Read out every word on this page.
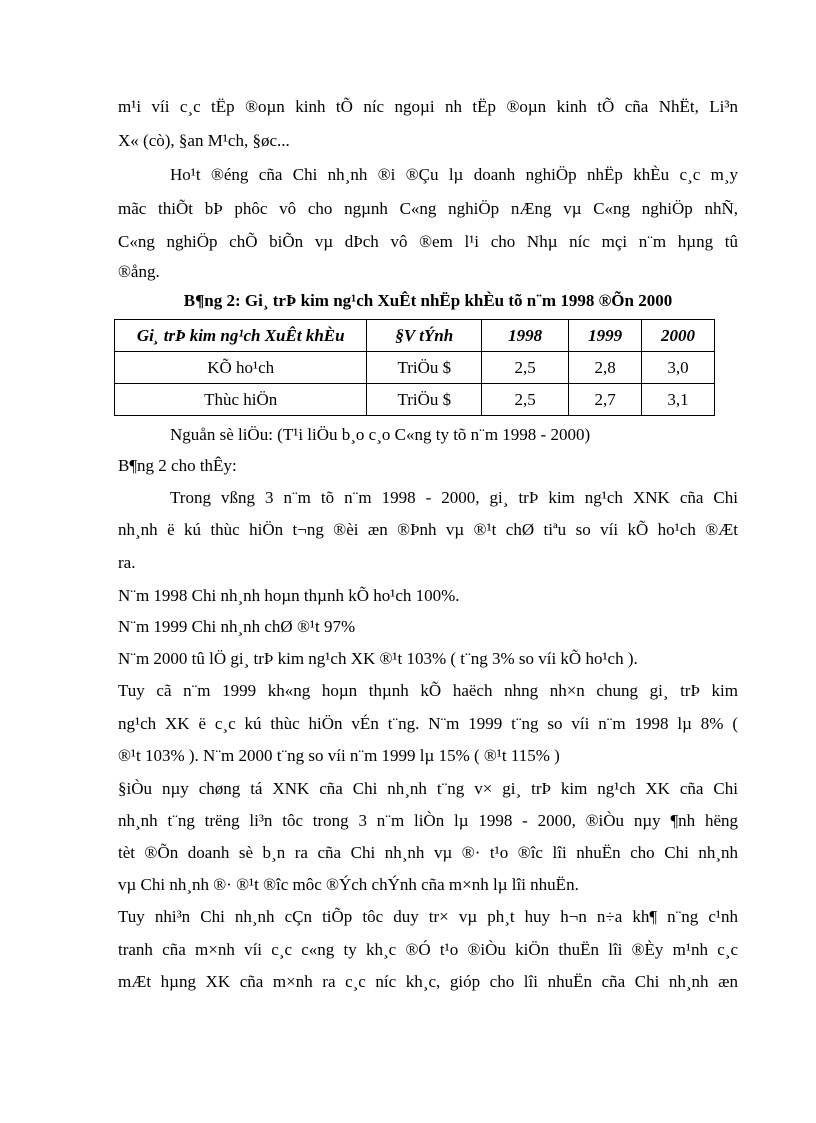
m¹i víi c¸c tËp ®oµn kinh tÕ níc ngoµi nh tËp ®oµn kinh tÕ cña NhËt, Li³n
X« (cò), §an M¹ch, §øc...
Ho¹t ®éng cña Chi nh¸nh ®i ®Çu lµ doanh nghiÖp nhËp khÈu c¸c m¸y
mãc thiÕt bÞ phôc vô cho ngµnh C«ng nghiÖp nÆng vµ C«ng nghiÖp nhÑ,
C«ng nghiÖp chÕ biÕn vµ dÞch vô ®em l¹i cho Nhµ níc mçi n¨m hµng tû
®ång.
B¶ng 2: Gi¸ trÞ kim ng¹ch XuÊt nhËp khÈu tõ n¨m 1998 ®Õn 2000
Gi¸ trÞ kim ng¹ch XuÊt khÈu	§V tÝnh	1998	1999	2000
KÕ ho¹ch	TriÖu $	2,5	2,8	3,0
Thùc hiÖn	TriÖu $	2,5	2,7	3,1
Nguån sè liÖu: (T¹i liÖu b¸o c¸o C«ng ty tõ n¨m 1998 - 2000)
B¶ng 2 cho thÊy:
Trong vßng 3 n¨m tõ n¨m 1998 - 2000, gi¸ trÞ kim ng¹ch XNK cña Chi
nh¸nh ë kú thùc hiÖn t¬ng ®èi æn ®Þnh vµ ®¹t chØ tiªu so víi kÕ ho¹ch ®Æt
ra.
N¨m 1998 Chi nh¸nh hoµn thµnh kÕ ho¹ch 100%.
N¨m 1999 Chi nh¸nh chØ ®¹t 97%
N¨m 2000 tû lÖ gi¸ trÞ kim ng¹ch XK ®¹t 103% ( t¨ng 3% so víi kÕ ho¹ch ).
Tuy cã n¨m 1999 kh«ng hoµn thµnh kÕ haëch nhng nh×n chung gi¸ trÞ kim
ng¹ch XK ë c¸c kú thùc hiÖn vÉn t¨ng. N¨m 1999 t¨ng so víi n¨m 1998 lµ 8% (
®¹t 103% ). N¨m 2000 t¨ng so víi n¨m 1999 lµ 15% ( ®¹t 115% )
§iÒu nµy chøng tá XNK cña Chi nh¸nh t¨ng v× gi¸ trÞ kim ng¹ch XK cña Chi
nh¸nh t¨ng trëng li³n tôc trong 3 n¨m liÒn lµ 1998 - 2000, ®iÒu nµy ¶nh hëng
tèt ®Õn doanh sè b¸n ra cña Chi nh¸nh vµ ®· t¹o ®îc lîi nhuËn cho Chi nh¸nh
vµ Chi nh¸nh ®· ®¹t ®îc môc ®Ých chÝnh cña m×nh lµ lîi nhuËn.
Tuy nhi³n Chi nh¸nh cÇn tiÕp tôc duy tr× vµ ph¸t huy h¬n n÷a kh¶ n¨ng c¹nh
tranh cña m×nh víi c¸c c«ng ty kh¸c ®Ó t¹o ®iÒu kiÖn thuËn lîi ®Èy m¹nh c¸c
mÆt hµng XK cña m×nh ra c¸c níc kh¸c, gióp cho lîi nhuËn cña Chi nh¸nh æn
